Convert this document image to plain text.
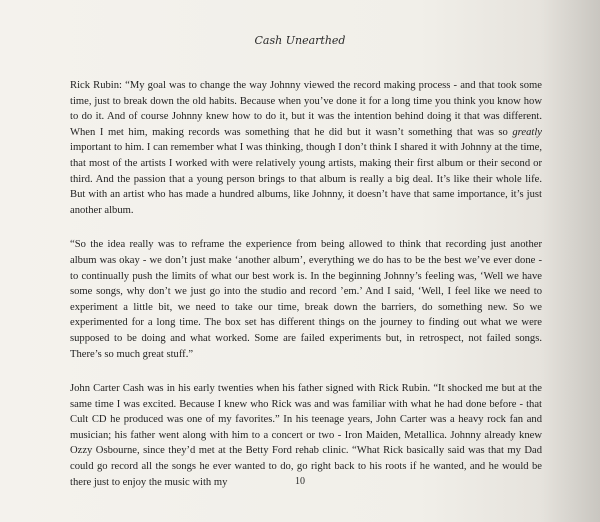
Cash Unearthed

Rick Rubin: “My goal was to change the way Johnny viewed the record making process - and that took some time, just to break down the old habits. Because when you’ve done it for a long time you think you know how to do it. And of course Johnny knew how to do it, but it was the intention behind doing it that was different. When I met him, making records was something that he did but it wasn’t something that was so greatly important to him. I can remember what I was thinking, though I don’t think I shared it with Johnny at the time, that most of the artists I worked with were relatively young artists, making their first album or their second or third. And the passion that a young person brings to that album is really a big deal. It’s like their whole life. But with an artist who has made a hundred albums, like Johnny, it doesn’t have that same importance, it’s just another album.

“So the idea really was to reframe the experience from being allowed to think that recording just another album was okay - we don’t just make ‘another album’, everything we do has to be the best we’ve ever done - to continually push the limits of what our best work is. In the beginning Johnny’s feeling was, ‘Well we have some songs, why don’t we just go into the studio and record ’em.’ And I said, ‘Well, I feel like we need to experiment a little bit, we need to take our time, break down the barriers, do something new. So we experimented for a long time. The box set has different things on the journey to finding out what we were supposed to be doing and what worked. Some are failed experiments but, in retrospect, not failed songs. There’s so much great stuff.”

John Carter Cash was in his early twenties when his father signed with Rick Rubin. “It shocked me but at the same time I was excited. Because I knew who Rick was and was familiar with what he had done before - that Cult CD he produced was one of my favorites.” In his teenage years, John Carter was a heavy rock fan and musician; his father went along with him to a concert or two - Iron Maiden, Metallica. Johnny already knew Ozzy Osbourne, since they’d met at the Betty Ford rehab clinic. “What Rick basically said was that my Dad could go record all the songs he ever wanted to do, go right back to his roots if he wanted, and he would be there just to enjoy the music with my	10
